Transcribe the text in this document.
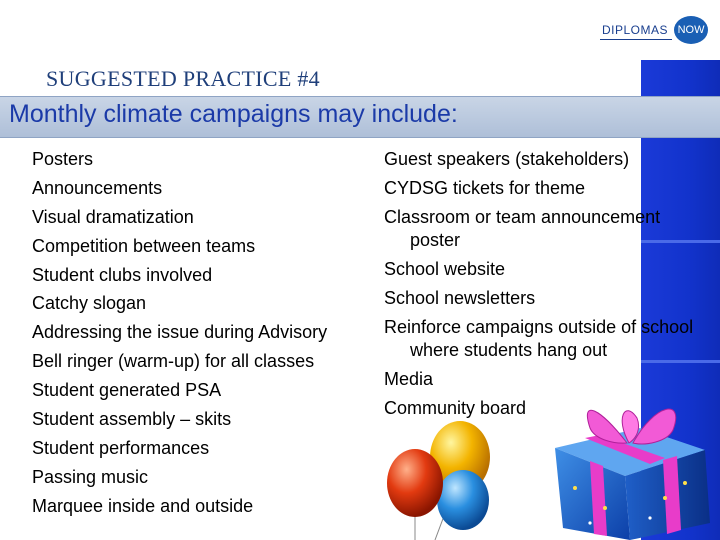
DIPLOMAS NOW
SUGGESTED PRACTICE #4
Monthly climate campaigns may include:
Posters
Announcements
Visual dramatization
Competition between teams
Student clubs involved
Catchy slogan
Addressing the issue during Advisory
Bell ringer (warm-up) for all classes
Student generated PSA
Student assembly – skits
Student performances
Passing music
Marquee inside and outside
Guest speakers (stakeholders)
CYDSG tickets for theme
Classroom or team announcement
poster
School website
School newsletters
Reinforce campaigns outside of school
where students hang out
Media
Community board
